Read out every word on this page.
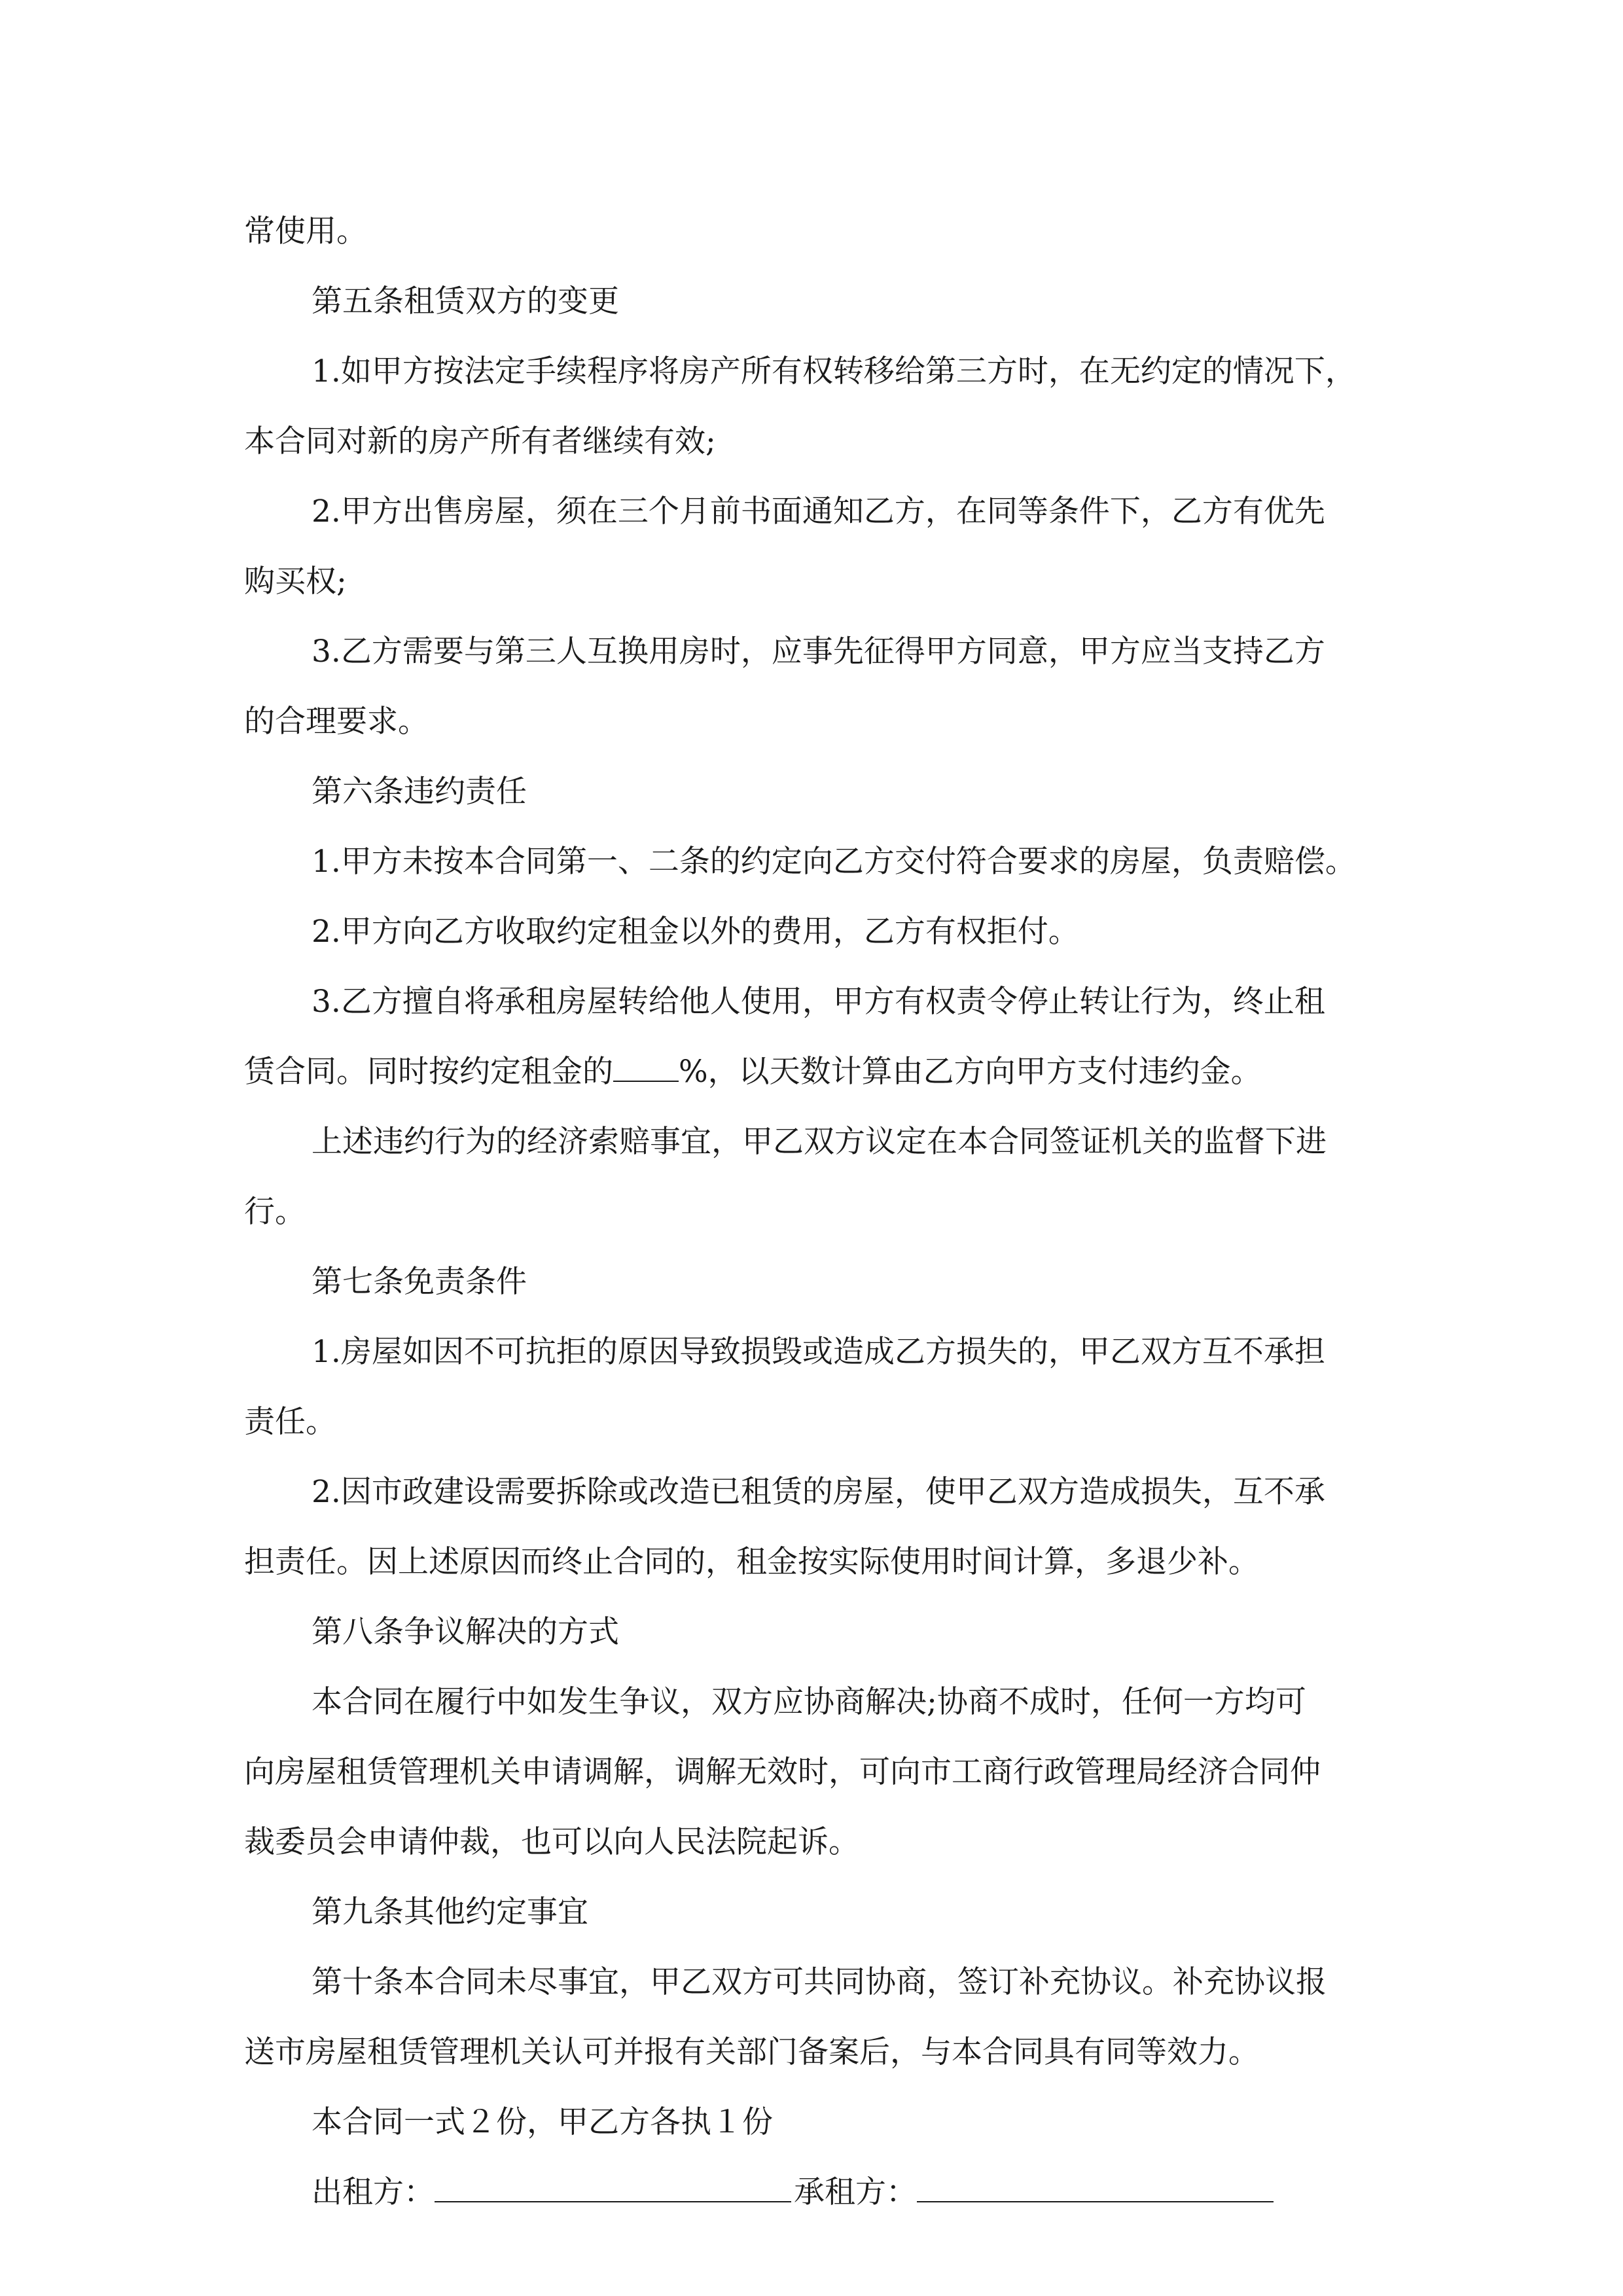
常使用。
第五条租赁双方的变更
1.如甲方按法定手续程序将房产所有权转移给第三方时，在无约定的情况下，
本合同对新的房产所有者继续有效;
2.甲方出售房屋，须在三个月前书面通知乙方，在同等条件下，乙方有优先
购买权;
3.乙方需要与第三人互换用房时，应事先征得甲方同意，甲方应当支持乙方
的合理要求。
第六条违约责任
1.甲方未按本合同第一、二条的约定向乙方交付符合要求的房屋，负责赔偿。
2.甲方向乙方收取约定租金以外的费用，乙方有权拒付。
3.乙方擅自将承租房屋转给他人使用，甲方有权责令停止转让行为，终止租
赁合同。同时按约定租金的 %，以天数计算由乙方向甲方支付违约金。
上述违约行为的经济索赔事宜，甲乙双方议定在本合同签证机关的监督下进
行。
第七条免责条件
1.房屋如因不可抗拒的原因导致损毁或造成乙方损失的，甲乙双方互不承担
责任。
2.因市政建设需要拆除或改造已租赁的房屋，使甲乙双方造成损失，互不承
担责任。因上述原因而终止合同的，租金按实际使用时间计算，多退少补。
第八条争议解决的方式
本合同在履行中如发生争议，双方应协商解决;协商不成时，任何一方均可
向房屋租赁管理机关申请调解，调解无效时，可向市工商行政管理局经济合同仲
裁委员会申请仲裁，也可以向人民法院起诉。
第九条其他约定事宜
第十条本合同未尽事宜，甲乙双方可共同协商，签订补充协议。补充协议报
送市房屋租赁管理机关认可并报有关部门备案后，与本合同具有同等效力。
本合同一式２份，甲乙方各执１份
出租方：	承租方：
